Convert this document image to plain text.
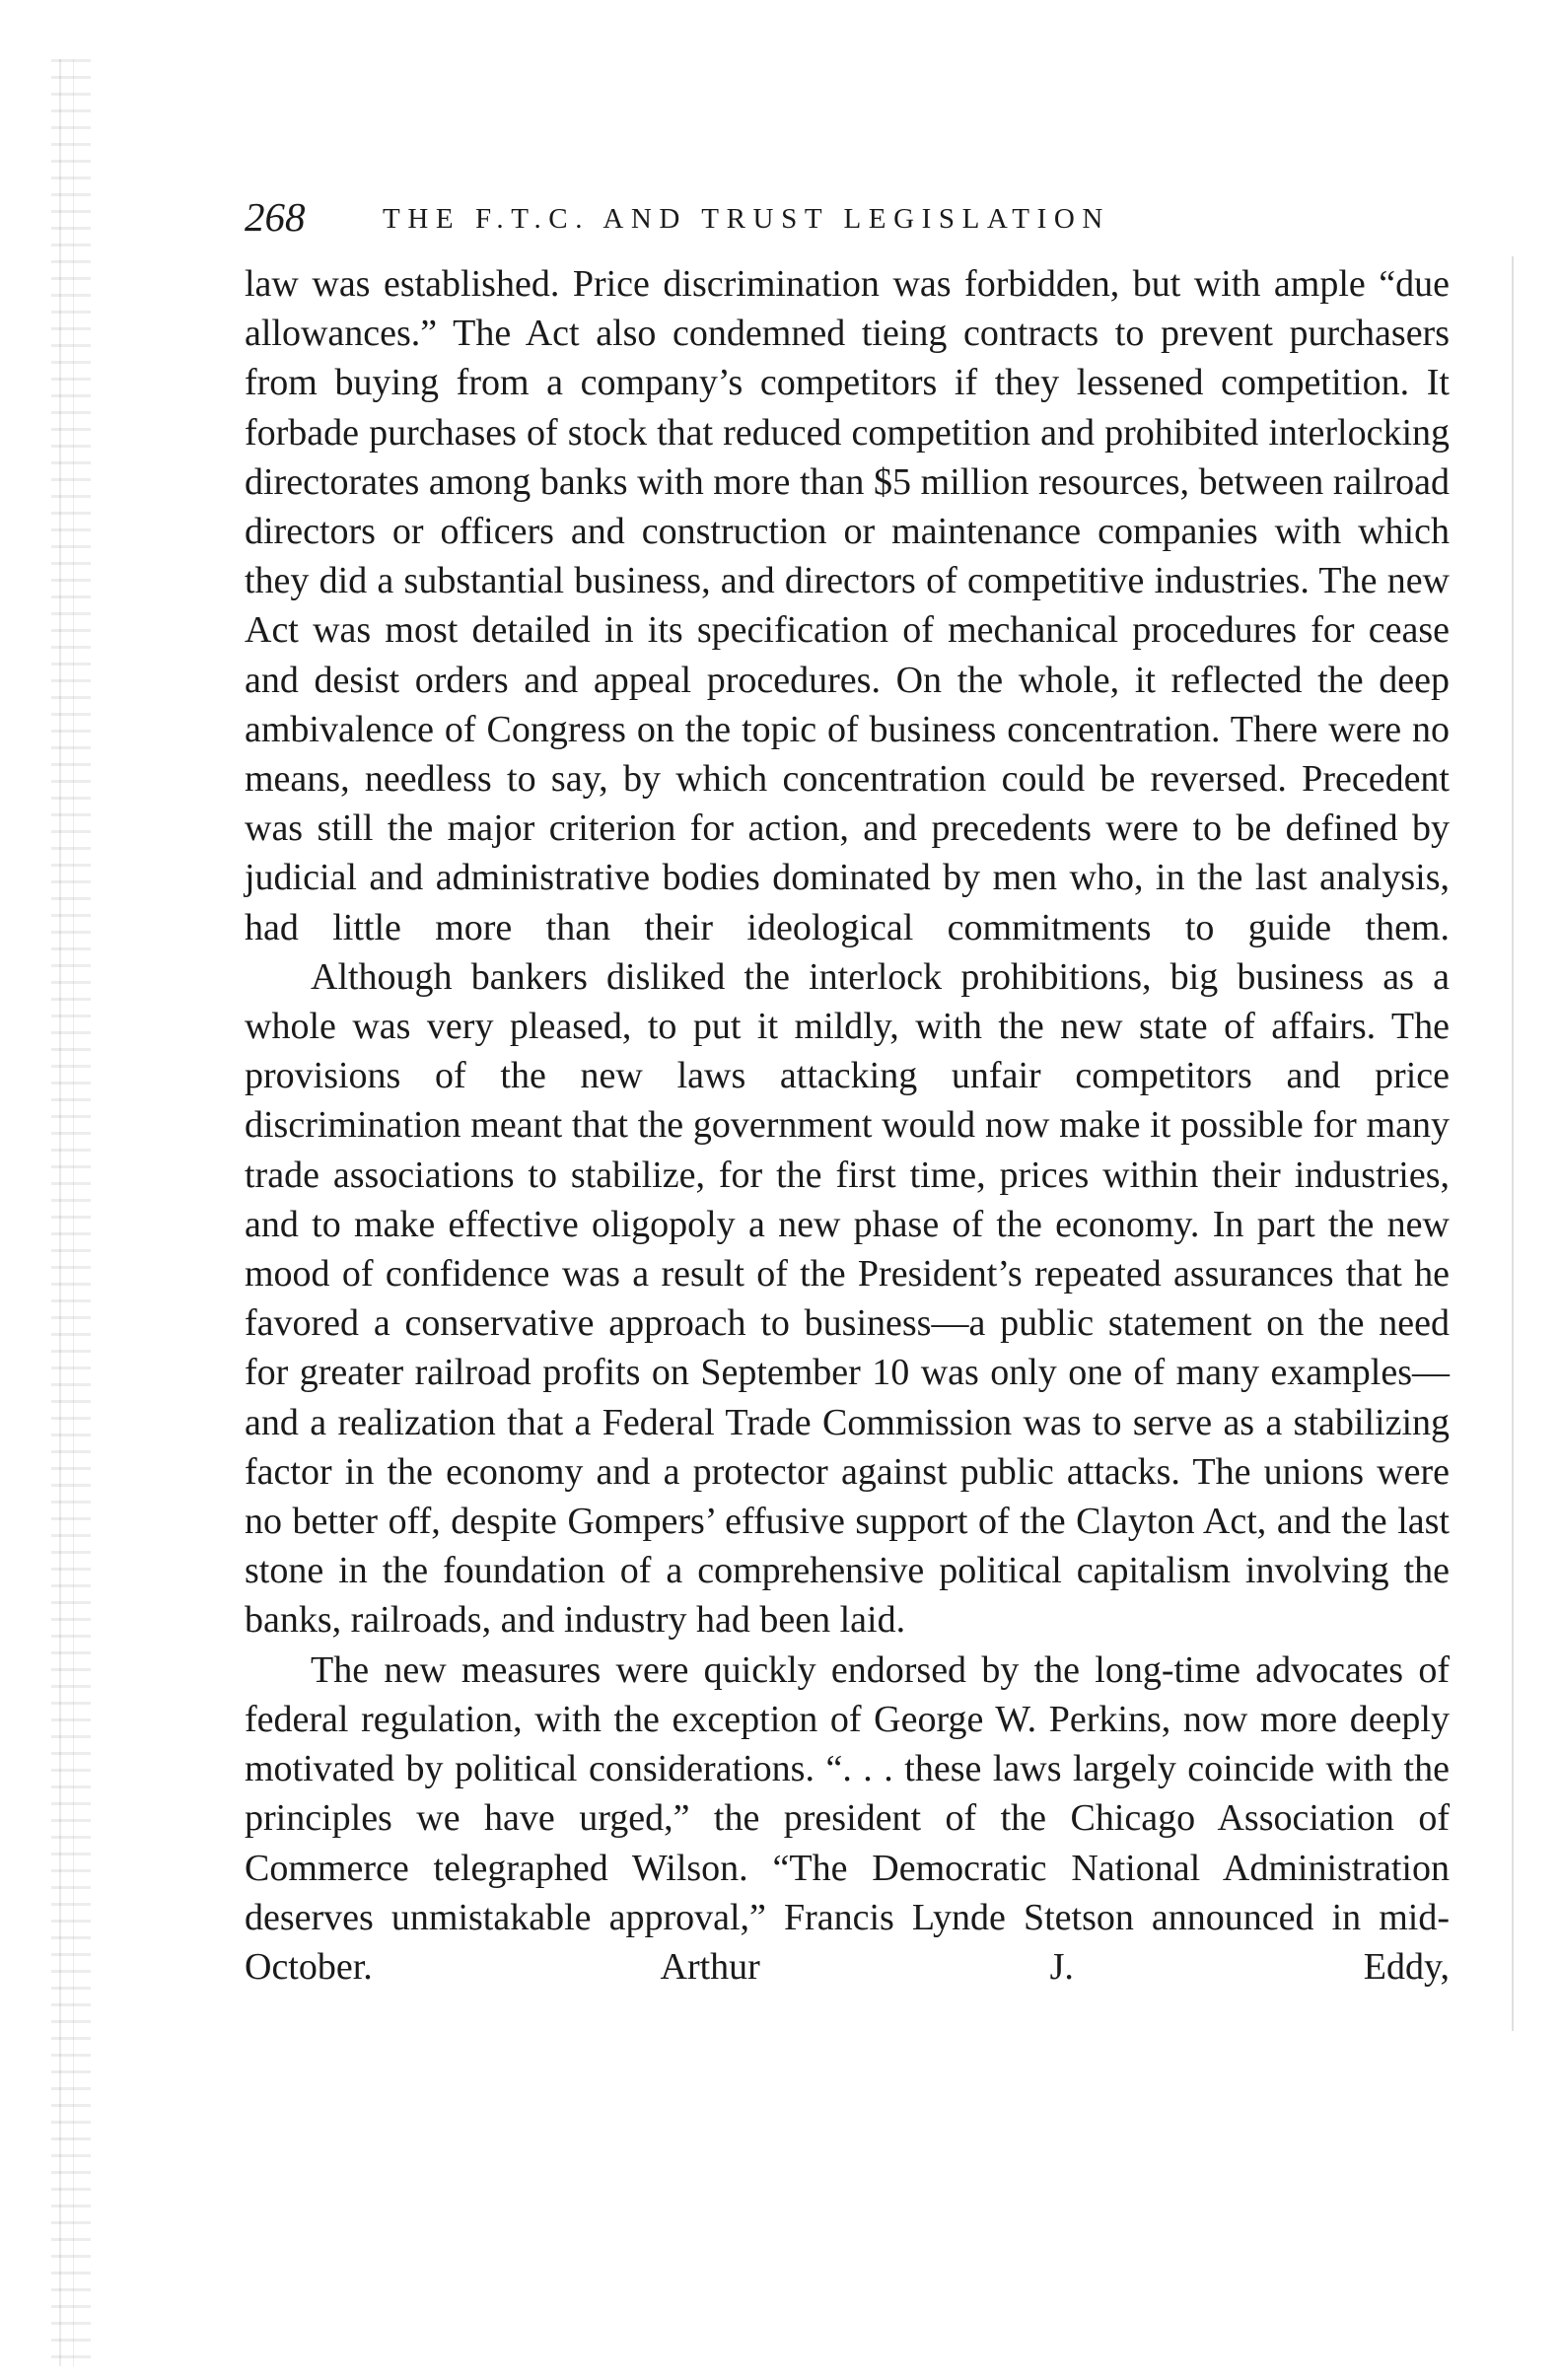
268	THE F.T.C. AND TRUST LEGISLATION

law was established. Price discrimination was forbidden, but with ample “due allowances.” The Act also condemned tieing contracts to prevent purchasers from buying from a company’s competitors if they lessened competition. It forbade purchases of stock that reduced competition and prohibited interlocking directorates among banks with more than $5 million resources, between railroad directors or officers and construction or maintenance companies with which they did a substantial business, and directors of competitive industries. The new Act was most detailed in its specification of mechanical procedures for cease and desist orders and appeal procedures. On the whole, it reflected the deep ambivalence of Congress on the topic of business concentration. There were no means, needless to say, by which concentration could be reversed. Precedent was still the major criterion for action, and precedents were to be defined by judicial and administrative bodies dominated by men who, in the last analysis, had little more than their ideological commitments to guide them.

Although bankers disliked the interlock prohibitions, big business as a whole was very pleased, to put it mildly, with the new state of affairs. The provisions of the new laws attacking unfair competitors and price discrimination meant that the government would now make it possible for many trade associations to stabilize, for the first time, prices within their industries, and to make effective oligopoly a new phase of the economy. In part the new mood of confidence was a result of the President’s repeated assurances that he favored a conservative approach to business—a public statement on the need for greater railroad profits on September 10 was only one of many examples—and a realization that a Federal Trade Commission was to serve as a stabilizing factor in the economy and a protector against public attacks. The unions were no better off, despite Gompers’ effusive support of the Clayton Act, and the last stone in the foundation of a comprehensive political capitalism involving the banks, railroads, and industry had been laid.

The new measures were quickly endorsed by the long-time advocates of federal regulation, with the exception of George W. Perkins, now more deeply motivated by political considerations. “. . . these laws largely coincide with the principles we have urged,” the president of the Chicago Association of Commerce telegraphed Wilson. “The Democratic National Administration deserves unmistakable approval,” Francis Lynde Stetson announced in mid-October. Arthur J. Eddy,
